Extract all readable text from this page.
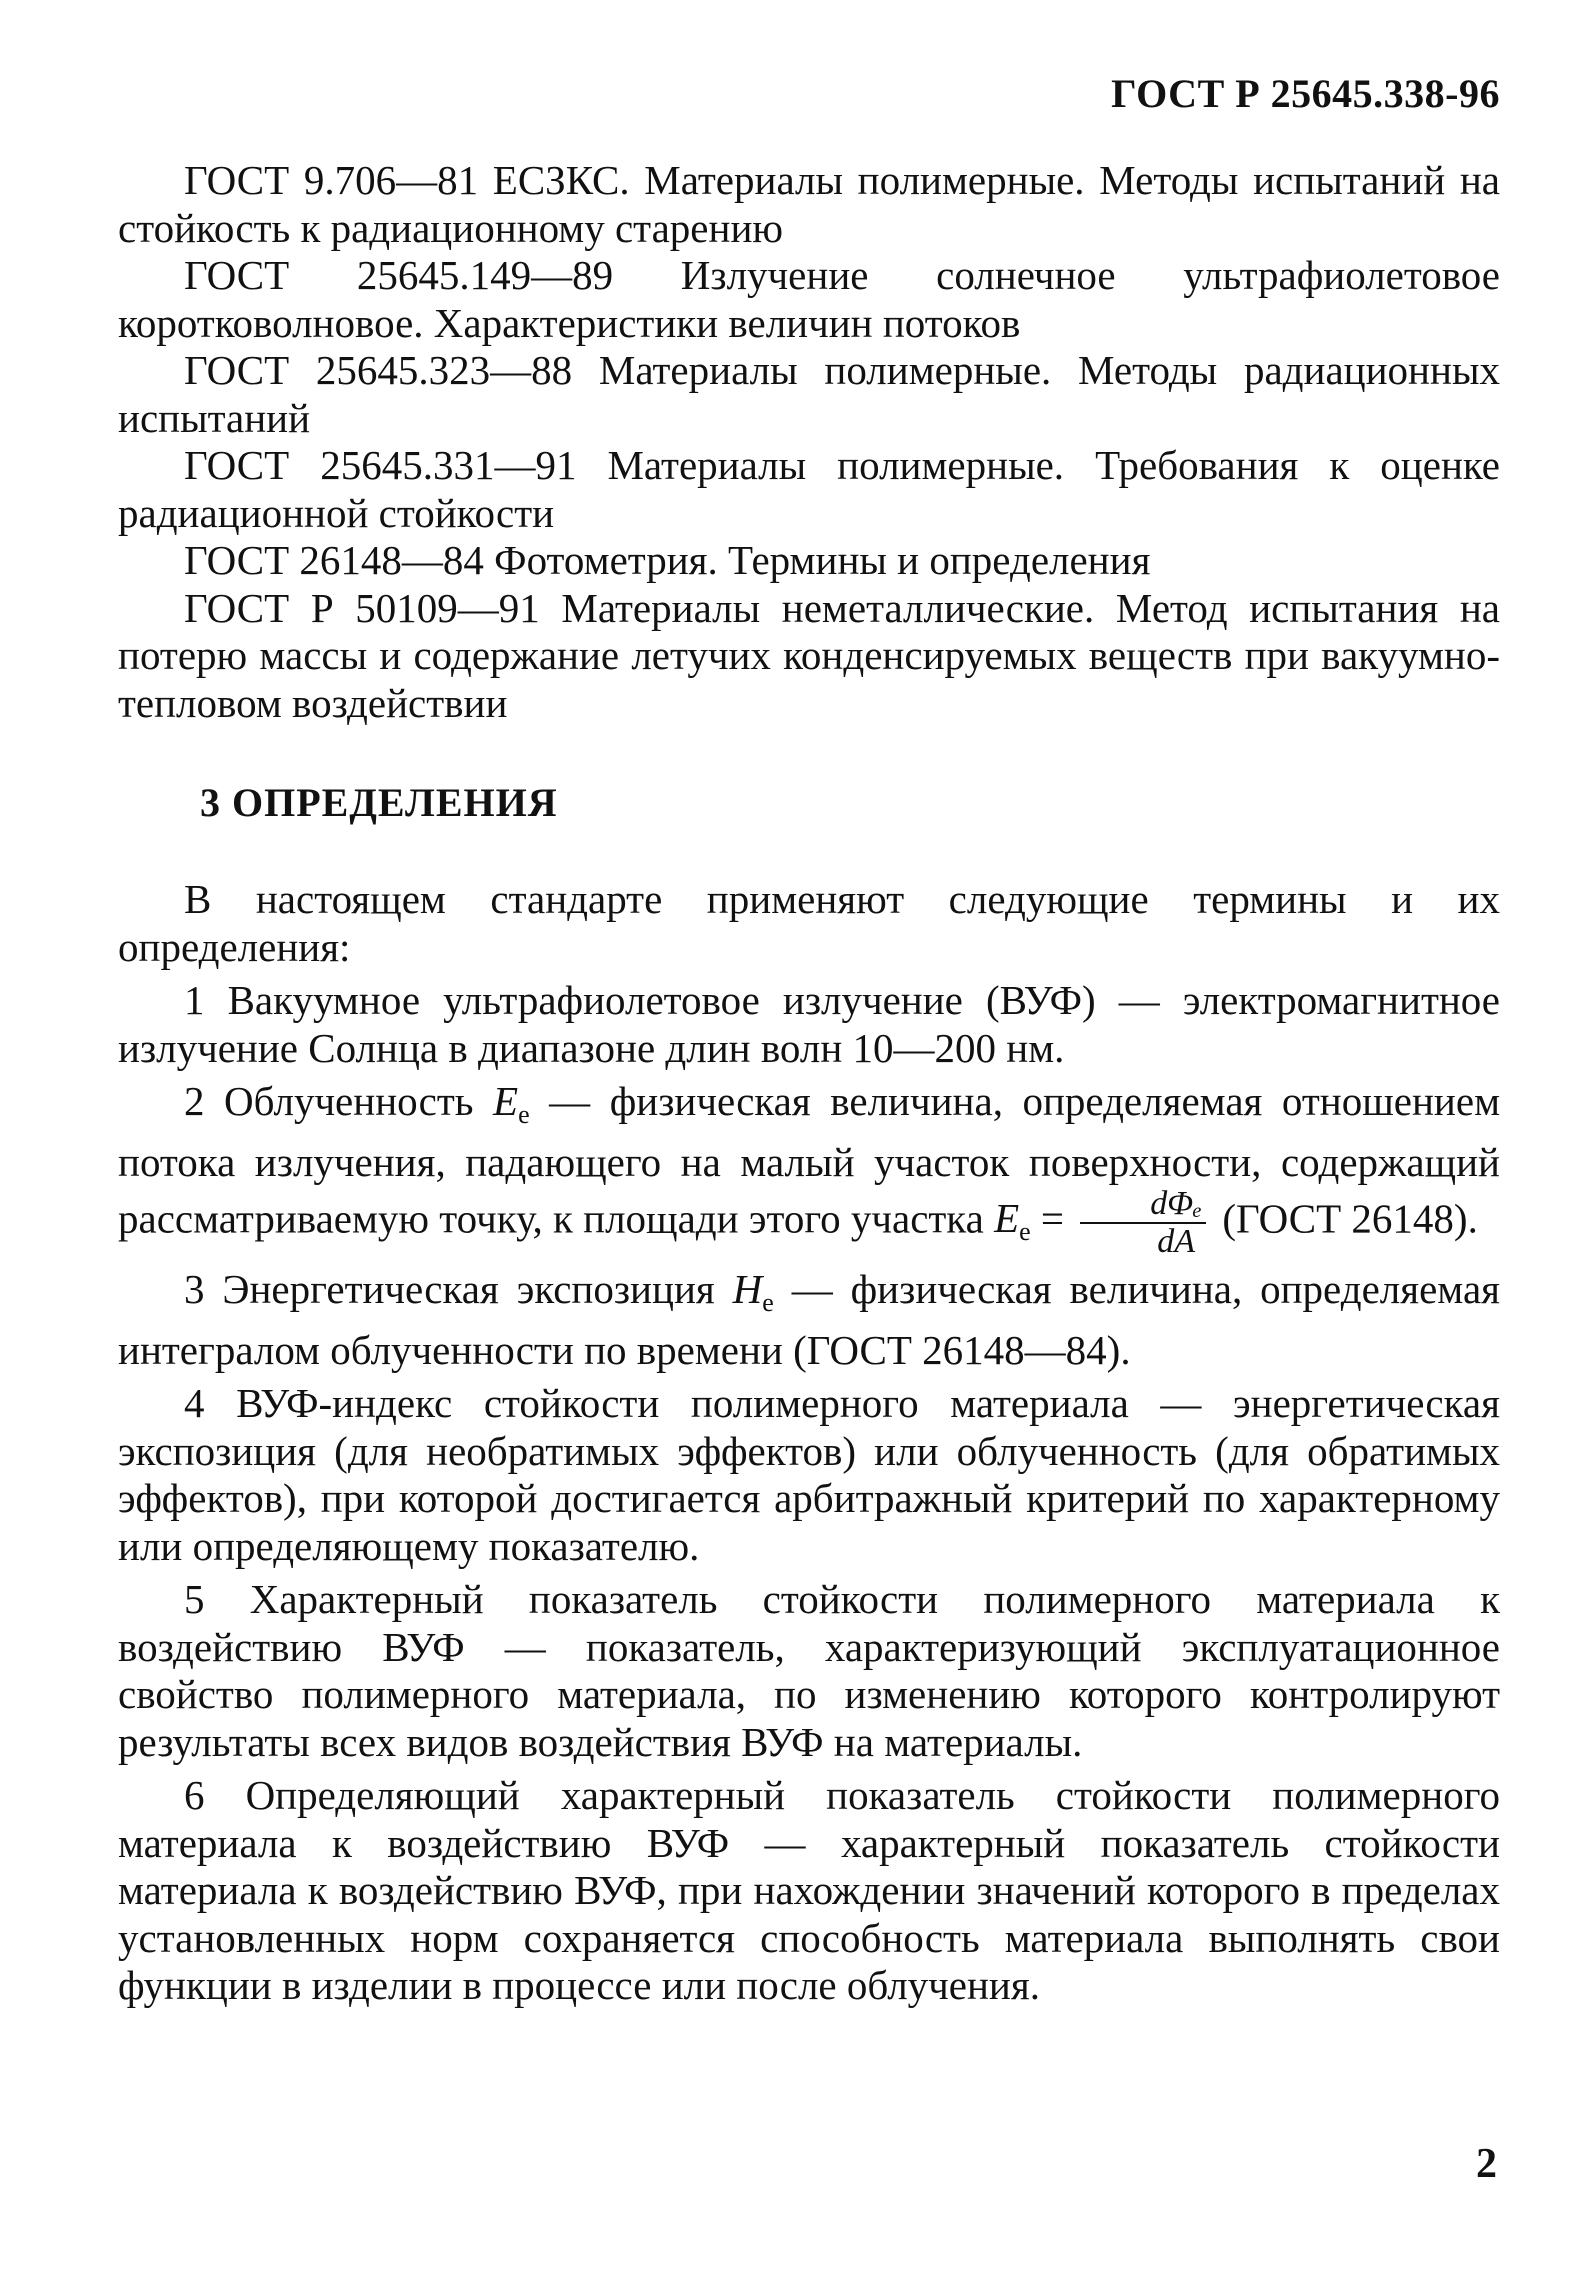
ГОСТ Р 25645.338-96

ГОСТ 9.706—81 ЕСЗКС. Материалы полимерные. Методы испытаний на стойкость к радиационному старению

ГОСТ 25645.149—89 Излучение солнечное ультрафиолетовое коротковолновое. Характеристики величин потоков

ГОСТ 25645.323—88 Материалы полимерные. Методы радиационных испытаний

ГОСТ 25645.331—91 Материалы полимерные. Требования к оценке радиационной стойкости

ГОСТ 26148—84 Фотометрия. Термины и определения

ГОСТ Р 50109—91 Материалы неметаллические. Метод испытания на потерю массы и содержание летучих конденсируемых веществ при вакуумно-тепловом воздействии

3 ОПРЕДЕЛЕНИЯ

В настоящем стандарте применяют следующие термины и их определения:

1 Вакуумное ультрафиолетовое излучение (ВУФ) — электромагнитное излучение Солнца в диапазоне длин волн 10—200 нм.

2 Облученность $E_e$ — физическая величина, определяемая отношением потока излучения, падающего на малый участок поверхности, содержащий рассматриваемую точку, к площади этого участка $E_e = \frac{\text{dΦₑ}}{dA}$ (ГОСТ 26148).

3 Энергетическая экспозиция $H_e$ — физическая величина, определяемая интегралом облученности по времени (ГОСТ 26148—84).

4 ВУФ-индекс стойкости полимерного материала — энергетическая экспозиция (для необратимых эффектов) или облученность (для обратимых эффектов), при которой достигается арбитражный критерий по характерному или определяющему показателю.

5 Характерный показатель стойкости полимерного материала к воздействию ВУФ — показатель, характеризующий эксплуатационное свойство полимерного материала, по изменению которого контролируют результаты всех видов воздействия ВУФ на материалы.

6 Определяющий характерный показатель стойкости полимерного материала к воздействию ВУФ — характерный показатель стойкости материала к воздействию ВУФ, при нахождении значений которого в пределах установленных норм сохраняется способность материала выполнять свои функции в изделии в процессе или после облучения.

2
